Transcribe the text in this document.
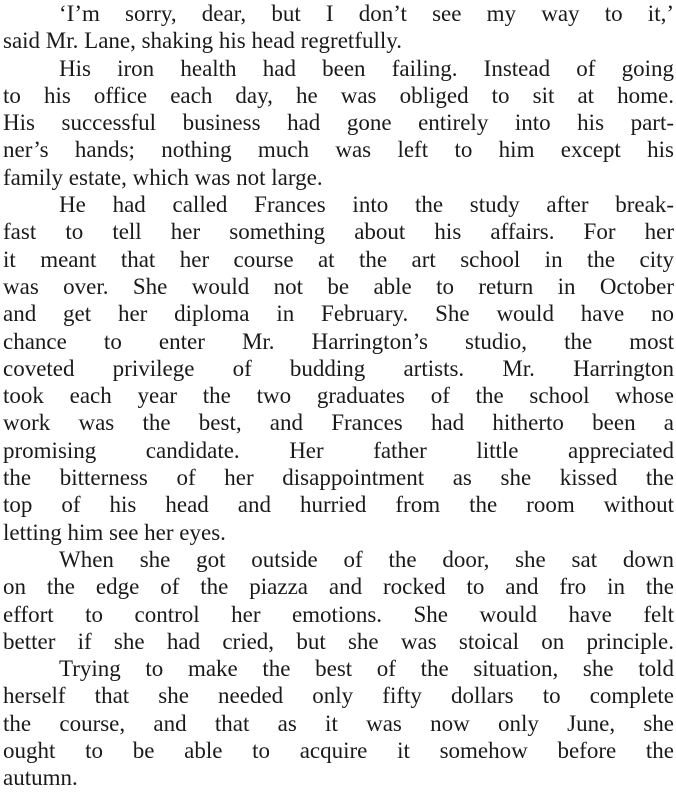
‘I’m sorry, dear, but I don’t see my way to it,’
said Mr. Lane, shaking his head regretfully.
His iron health had been failing. Instead of going
to his office each day, he was obliged to sit at home.
His successful business had gone entirely into his part-
ner’s hands; nothing much was left to him except his
family estate, which was not large.
He had called Frances into the study after break-
fast to tell her something about his affairs. For her
it meant that her course at the art school in the city
was over. She would not be able to return in October
and get her diploma in February. She would have no
chance to enter Mr. Harrington’s studio, the most
coveted privilege of budding artists. Mr. Harrington
took each year the two graduates of the school whose
work was the best, and Frances had hitherto been a
promising candidate. Her father little appreciated
the bitterness of her disappointment as she kissed the
top of his head and hurried from the room without
letting him see her eyes.
When she got outside of the door, she sat down
on the edge of the piazza and rocked to and fro in the
effort to control her emotions. She would have felt
better if she had cried, but she was stoical on principle.
Trying to make the best of the situation, she told
herself that she needed only fifty dollars to complete
the course, and that as it was now only June, she
ought to be able to acquire it somehow before the
autumn.
